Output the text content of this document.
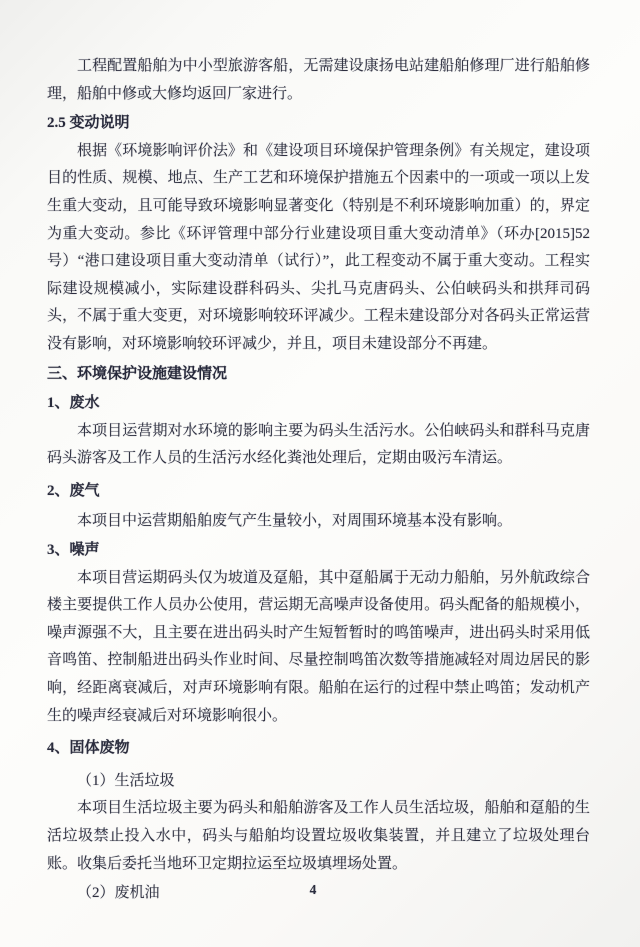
工程配置船舶为中小型旅游客船，无需建设康扬电站建船舶修理厂进行船舶修理，船舶中修或大修均返回厂家进行。

2.5 变动说明

根据《环境影响评价法》和《建设项目环境保护管理条例》有关规定，建设项目的性质、规模、地点、生产工艺和环境保护措施五个因素中的一项或一项以上发生重大变动，且可能导致环境影响显著变化（特别是不利环境影响加重）的，界定为重大变动。参比《环评管理中部分行业建设项目重大变动清单》（环办[2015]52 号）“港口建设项目重大变动清单（试行）”，此工程变动不属于重大变动。工程实际建设规模减小，实际建设群科码头、尖扎马克唐码头、公伯峡码头和拱拜司码头，不属于重大变更，对环境影响较环评减少。工程未建设部分对各码头正常运营没有影响，对环境影响较环评减少，并且，项目未建设部分不再建。

三、环境保护设施建设情况

1、废水

本项目运营期对水环境的影响主要为码头生活污水。公伯峡码头和群科马克唐码头游客及工作人员的生活污水经化粪池处理后，定期由吸污车清运。

2、废气

本项目中运营期船舶废气产生量较小，对周围环境基本没有影响。

3、噪声

本项目营运期码头仅为坡道及趸船，其中趸船属于无动力船舶，另外航政综合楼主要提供工作人员办公使用，营运期无高噪声设备使用。码头配备的船规模小，噪声源强不大，且主要在进出码头时产生短暂暂时的鸣笛噪声，进出码头时采用低音鸣笛、控制船进出码头作业时间、尽量控制鸣笛次数等措施减轻对周边居民的影响，经距离衰减后，对声环境影响有限。船舶在运行的过程中禁止鸣笛；发动机产生的噪声经衰减后对环境影响很小。

4、固体废物

（1）生活垃圾

本项目生活垃圾主要为码头和船舶游客及工作人员生活垃圾，船舶和趸船的生活垃圾禁止投入水中，码头与船舶均设置垃圾收集装置，并且建立了垃圾处理台账。收集后委托当地环卫定期拉运至垃圾填埋场处置。

（2）废机油	4
